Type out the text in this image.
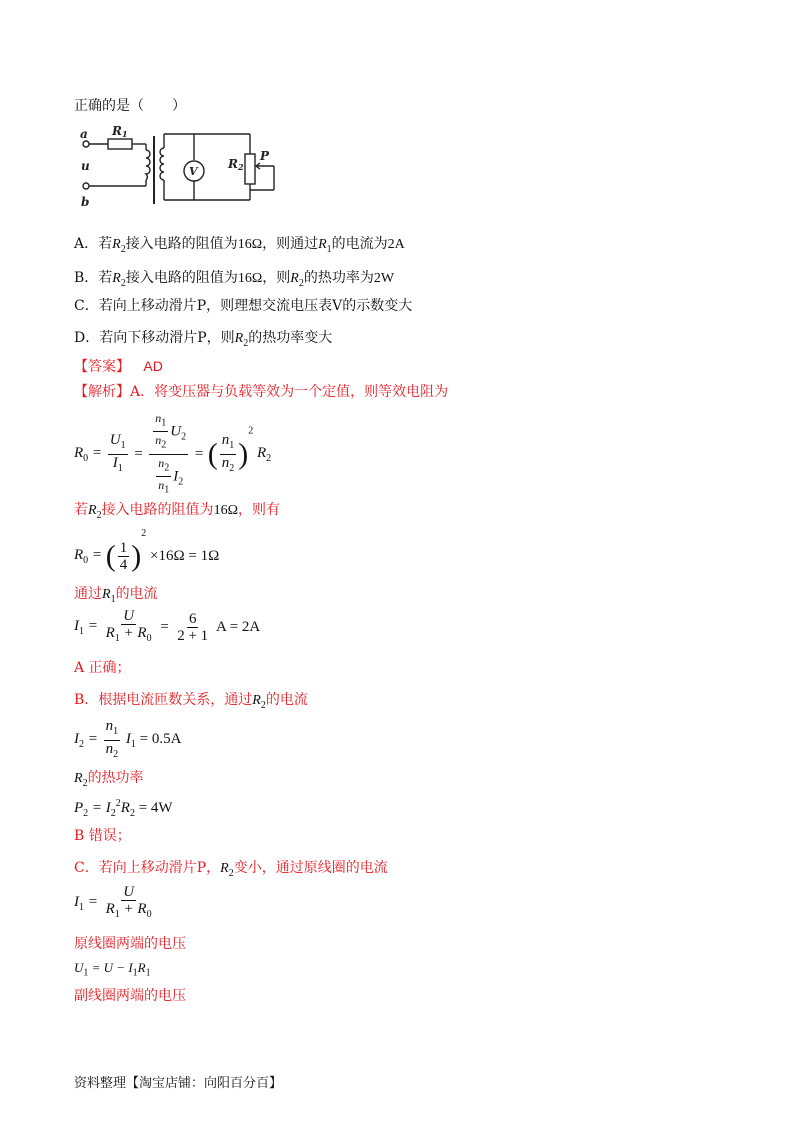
正确的是（　　）
a
u
b
R1
R2
P
V
A．若$R_2$接入电路的阻值为16Ω，则通过$R_1$的电流为2A
B．若$R_2$接入电路的阻值为16Ω，则$R_2$的热功率为2W
C．若向上移动滑片P，则理想交流电压表V的示数变大
D．若向下移动滑片P，则$R_2$的热功率变大
【答案】 AD
【解析】A．将变压器与负载等效为一个定值，则等效电阻为
$R_0 = \frac{U_1}{I_1} = \frac{\frac{n_1}{n_2} U_2}{\frac{n_2}{n_1} I_2}$ = ( $\frac{n_1}{n_2} )^2$ $R_2$
若$R_2$接入电路的阻值为16Ω，则有
$R_0$ = ( $\frac{1}{4} )^2 \times 16\Omega = 1\Omega$
通过$R_1$的电流
$I_1 = \frac{U}{R_1 + R_0} = \frac{6}{2 + 1}$ A = 2A
A 正确；
B．根据电流匝数关系，通过$R_2$的电流
$I_2 = \frac{n_1}{n_2} I_1 = 0.5A$
$R_2$的热功率
$P_2 = I_2^2R_2 = 4W$
B 错误；
C．若向上移动滑片P，$R_2$变小，通过原线圈的电流
$I_1 = \frac{U}{R_1 + R_0}$
原线圈两端的电压
$U_1 = U - I_1R_1$
副线圈两端的电压
资料整理【淘宝店铺：向阳百分百】
